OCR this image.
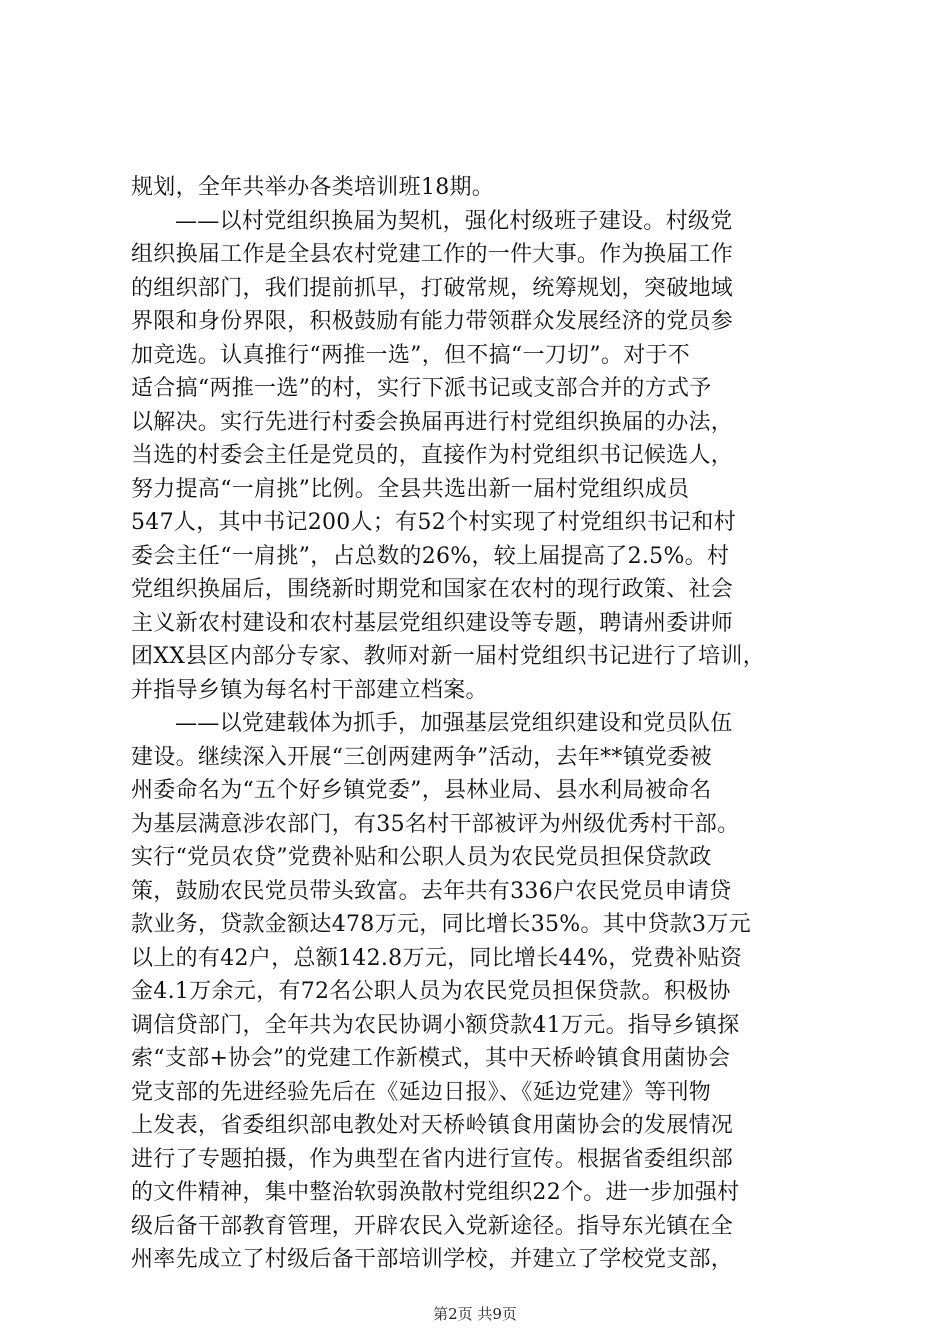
规划，全年共举办各类培训班18期。
——以村党组织换届为契机，强化村级班子建设。村级党
组织换届工作是全县农村党建工作的一件大事。作为换届工作
的组织部门，我们提前抓早，打破常规，统筹规划，突破地域
界限和身份界限，积极鼓励有能力带领群众发展经济的党员参
加竞选。认真推行“两推一选”，但不搞“一刀切”。对于不
适合搞“两推一选”的村，实行下派书记或支部合并的方式予
以解决。实行先进行村委会换届再进行村党组织换届的办法，
当选的村委会主任是党员的，直接作为村党组织书记候选人，
努力提高“一肩挑”比例。全县共选出新一届村党组织成员
547人，其中书记200人；有52个村实现了村党组织书记和村
委会主任“一肩挑”，占总数的26%，较上届提高了2.5%。村
党组织换届后，围绕新时期党和国家在农村的现行政策、社会
主义新农村建设和农村基层党组织建设等专题，聘请州委讲师
团XX县区内部分专家、教师对新一届村党组织书记进行了培训，
并指导乡镇为每名村干部建立档案。
——以党建载体为抓手，加强基层党组织建设和党员队伍
建设。继续深入开展“三创两建两争”活动，去年**镇党委被
州委命名为“五个好乡镇党委”，县林业局、县水利局被命名
为基层满意涉农部门，有35名村干部被评为州级优秀村干部。
实行“党员农贷”党费补贴和公职人员为农民党员担保贷款政
策，鼓励农民党员带头致富。去年共有336户农民党员申请贷
款业务，贷款金额达478万元，同比增长35%。其中贷款3万元
以上的有42户，总额142.8万元，同比增长44%，党费补贴资
金4.1万余元，有72名公职人员为农民党员担保贷款。积极协
调信贷部门，全年共为农民协调小额贷款41万元。指导乡镇探
索“支部+协会”的党建工作新模式，其中天桥岭镇食用菌协会
党支部的先进经验先后在《延边日报》、《延边党建》等刊物
上发表，省委组织部电教处对天桥岭镇食用菌协会的发展情况
进行了专题拍摄，作为典型在省内进行宣传。根据省委组织部
的文件精神，集中整治软弱涣散村党组织22个。进一步加强村
级后备干部教育管理，开辟农民入党新途径。指导东光镇在全
州率先成立了村级后备干部培训学校，并建立了学校党支部，
第2页 共9页
